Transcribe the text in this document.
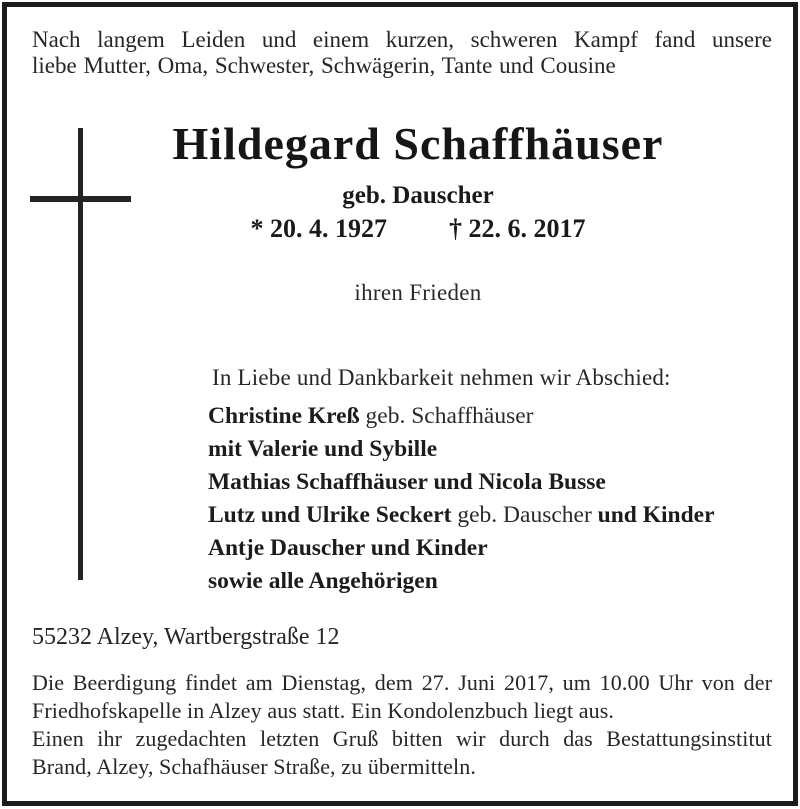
Nach langem Leiden und einem kurzen, schweren Kampf fand unsere
liebe Mutter, Oma, Schwester, Schwägerin, Tante und Cousine
Hildegard Schaffhäuser
geb. Dauscher
* 20. 4. 1927 † 22. 6. 2017
ihren Frieden
In Liebe und Dankbarkeit nehmen wir Abschied:
Christine Kreß geb. Schaffhäuser
mit Valerie und Sybille
Mathias Schaffhäuser und Nicola Busse
Lutz und Ulrike Seckert geb. Dauscher und Kinder
Antje Dauscher und Kinder
sowie alle Angehörigen
55232 Alzey, Wartbergstraße 12
Die Beerdigung findet am Dienstag, dem 27. Juni 2017, um 10.00 Uhr von der
Friedhofskapelle in Alzey aus statt. Ein Kondolenzbuch liegt aus.
Einen ihr zugedachten letzten Gruß bitten wir durch das Bestattungsinstitut
Brand, Alzey, Schafhäuser Straße, zu übermitteln.
